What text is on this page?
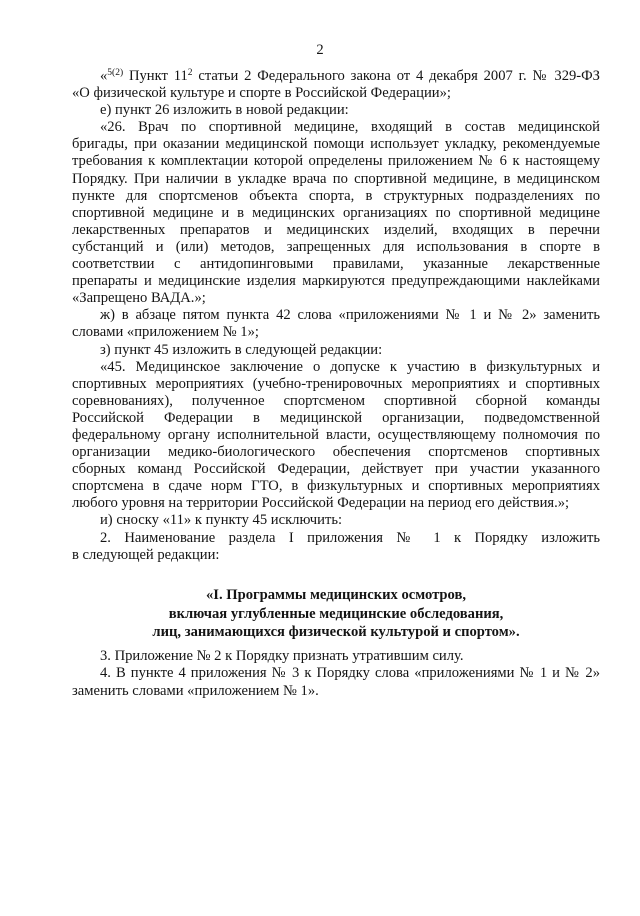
2
«$^{5(2)}$ Пункт $11^2$ статьи 2 Федерального закона от 4 декабря 2007 г. № 329-ФЗ
«О физической культуре и спорте в Российской Федерации»;
е) пункт 26 изложить в новой редакции:
«26. Врач по спортивной медицине, входящий в состав медицинской
бригады, при оказании медицинской помощи использует укладку, рекомендуемые
требования к комплектации которой определены приложением № 6 к настоящему
Порядку. При наличии в укладке врача по спортивной медицине, в медицинском
пункте для спортсменов объекта спорта, в структурных подразделениях по
спортивной медицине и в медицинских организациях по спортивной медицине
лекарственных препаратов и медицинских изделий, входящих в перечни
субстанций и (или) методов, запрещенных для использования в спорте в
соответствии с антидопинговыми правилами, указанные лекарственные
препараты и медицинские изделия маркируются предупреждающими наклейками
«Запрещено ВАДА.»;
ж) в абзаце пятом пункта 42 слова «приложениями № 1 и № 2» заменить
словами «приложением № 1»;
з) пункт 45 изложить в следующей редакции:
«45. Медицинское заключение о допуске к участию в физкультурных и
спортивных мероприятиях (учебно-тренировочных мероприятиях и спортивных
соревнованиях), полученное спортсменом спортивной сборной команды
Российской Федерации в медицинской организации, подведомственной
федеральному органу исполнительной власти, осуществляющему полномочия по
организации медико-биологического обеспечения спортсменов спортивных
сборных команд Российской Федерации, действует при участии указанного
спортсмена в сдаче норм ГТО, в физкультурных и спортивных мероприятиях
любого уровня на территории Российской Федерации на период его действия.»;
и) сноску «11» к пункту 45 исключить:
2. Наименование раздела I приложения № 1 к Порядку изложить
в следующей редакции:
«I. Программы медицинских осмотров,
включая углубленные медицинские обследования,
лиц, занимающихся физической культурой и спортом».
3. Приложение № 2 к Порядку признать утратившим силу.
4. В пункте 4 приложения № 3 к Порядку слова «приложениями № 1 и № 2»
заменить словами «приложением № 1».
